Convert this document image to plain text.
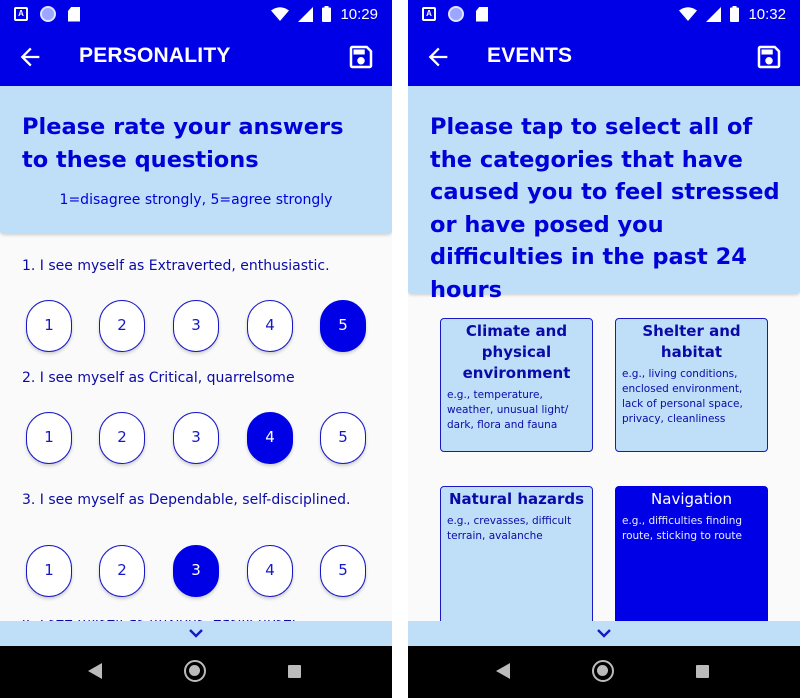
A	10:29
PERSONALITY
Please rate your answers to these questions
1=disagree strongly, 5=agree strongly
1. I see myself as Extraverted, enthusiastic.
1	2	3	4	5
2. I see myself as Critical, quarrelsome
1	2	3	4	5
3. I see myself as Dependable, self-disciplined.
1	2	3	4	5
A	10:32
EVENTS
Please tap to select all of the categories that have caused you to feel stressed or have posed you difficulties in the past 24 hours
Climate and physical environment
e.g., temperature, weather, unusual light/ dark, flora and fauna
Shelter and habitat
e.g., living conditions, enclosed environment, lack of personal space, privacy, cleanliness
Natural hazards
e.g., crevasses, difficult terrain, avalanche
Navigation
e.g., difficulties finding route, sticking to route
